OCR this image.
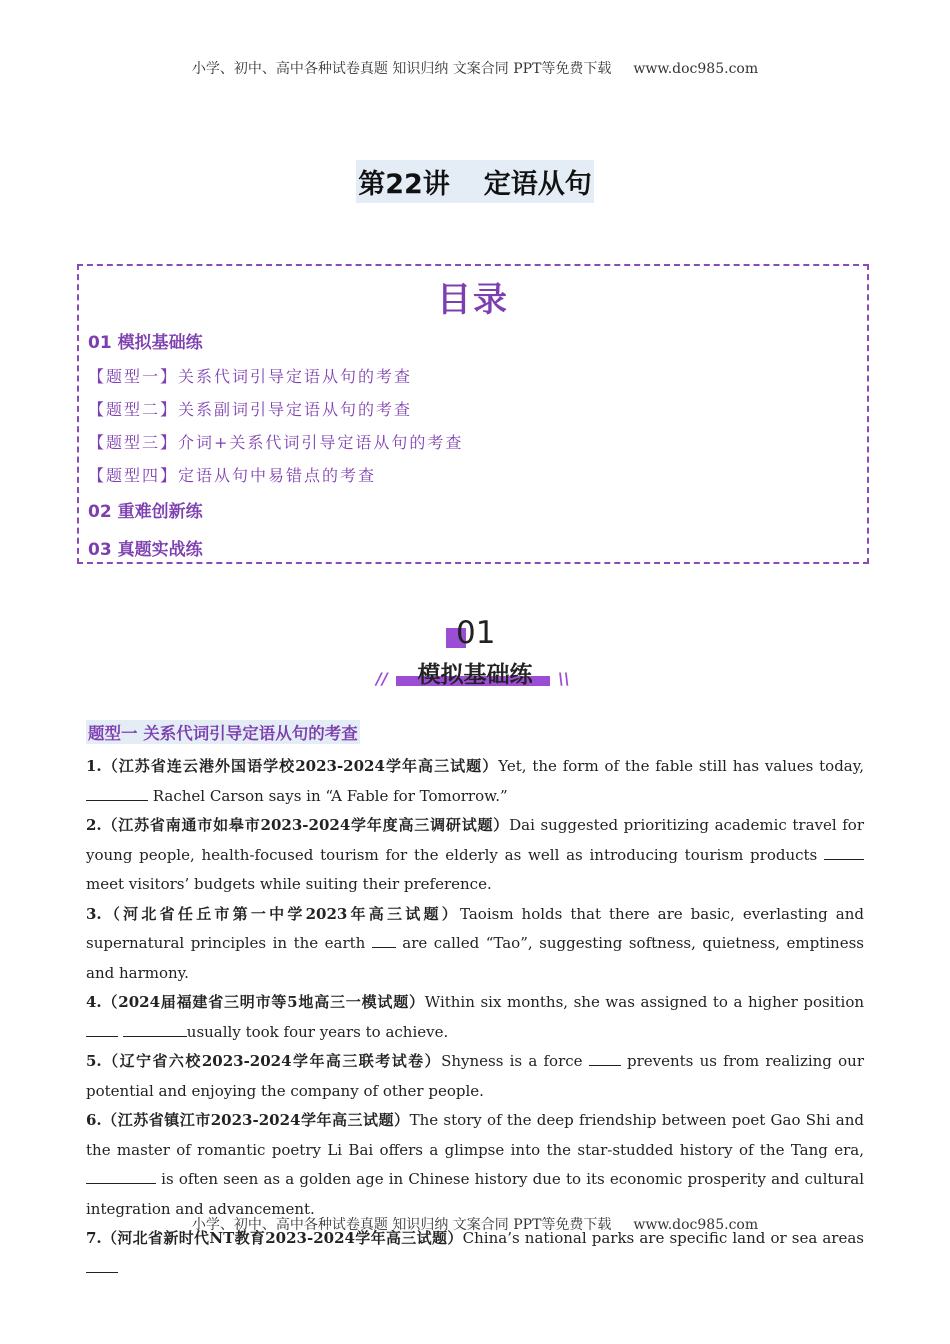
小学、初中、高中各种试卷真题 知识归纳 文案合同 PPT等免费下载 www.doc985.com
第22讲 定语从句
目录
01 模拟基础练
【题型一】关系代词引导定语从句的考查
【题型二】关系副词引导定语从句的考查
【题型三】介词+关系代词引导定语从句的考查
【题型四】定语从句中易错点的考查
02 重难创新练
03 真题实战练
01
模拟基础练
//	\\
题型一 关系代词引导定语从句的考查
1.（江苏省连云港外国语学校2023-2024学年高三试题）Yet, the form of the fable still has values today, Rachel Carson says in “A Fable for Tomorrow.”
2.（江苏省南通市如皋市2023-2024学年度高三调研试题）Dai suggested prioritizing academic travel for young people, health-focused tourism for the elderly as well as introducing tourism products  meet visitors’ budgets while suiting their preference.
3.（河北省任丘市第一中学2023年高三试题）Taoism holds that there are basic, everlasting and supernatural principles in the earth  are called “Tao”, suggesting softness, quietness, emptiness and harmony.
4.（2024届福建省三明市等5地高三一模试题）Within six months, she was assigned to a higher position  usually took four years to achieve.
5.（辽宁省六校2023-2024学年高三联考试卷）Shyness is a force  prevents us from realizing our potential and enjoying the company of other people.
6.（江苏省镇江市2023-2024学年高三试题）The story of the deep friendship between poet Gao Shi and the master of romantic poetry Li Bai offers a glimpse into the star-studded history of the Tang era, is often seen as a golden age in Chinese history due to its economic prosperity and cultural integration and advancement.
7.（河北省新时代NT教育2023-2024学年高三试题）China’s national parks are specific land or sea areas
小学、初中、高中各种试卷真题 知识归纳 文案合同 PPT等免费下载 www.doc985.com
